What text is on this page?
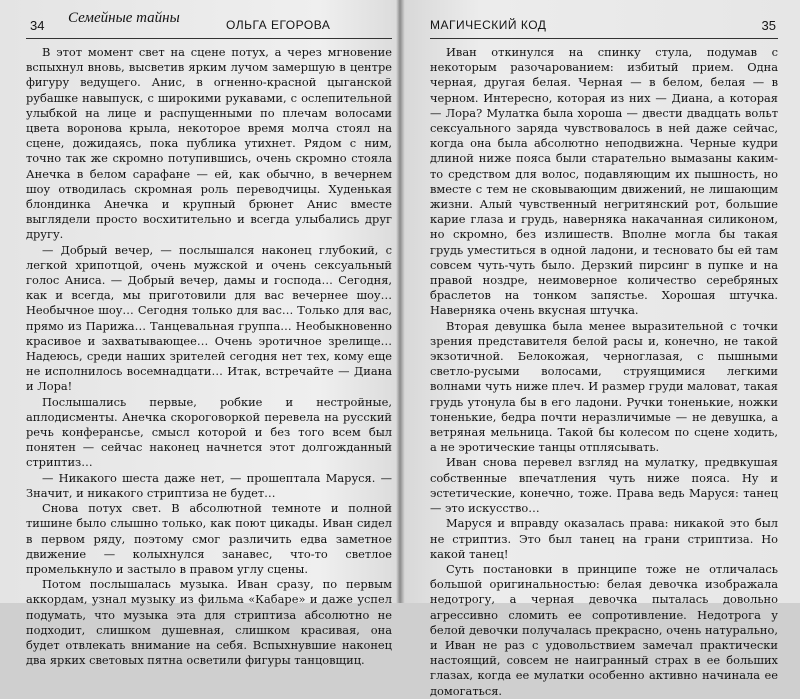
34 Семейные тайны	ОЛЬГА ЕГОРОВА

В этот момент свет на сцене потух, а через мгновение вспыхнул вновь, высветив ярким лучом замершую в центре фигуру ведущего. Анис, в огненно-красной цыганской рубашке навыпуск, с широкими рукавами, с ослепительной улыбкой на лице и распущенными по плечам волосами цвета воронова крыла, некоторое время молча стоял на сцене, дожидаясь, пока публика утихнет. Рядом с ним, точно так же скромно потупившись, очень скромно стояла Анечка в белом сарафане — ей, как обычно, в вечернем шоу отводилась скромная роль переводчицы. Худенькая блондинка Анечка и крупный брюнет Анис вместе выглядели просто восхитительно и всегда улыбались друг другу.

— Добрый вечер, — послышался наконец глубокий, с легкой хрипотцой, очень мужской и очень сексуальный голос Аниса. — Добрый вечер, дамы и господа… Сегодня, как и всегда, мы приготовили для вас вечернее шоу… Необычное шоу… Сегодня только для вас… Только для вас, прямо из Парижа… Танцевальная группа… Необыкновенно красивое и захватывающее… Очень эротичное зрелище… Надеюсь, среди наших зрителей сегодня нет тех, кому еще не исполнилось восемнадцати… Итак, встречайте — Диана и Лора!

Послышались первые, робкие и нестройные, аплодисменты. Анечка скороговоркой перевела на русский речь конферансье, смысл которой и без того всем был понятен — сейчас наконец начнется этот долгожданный стриптиз…

— Никакого шеста даже нет, — прошептала Маруся. — Значит, и никакого стриптиза не будет…

Снова потух свет. В абсолютной темноте и полной тишине было слышно только, как поют цикады. Иван сидел в первом ряду, поэтому смог различить едва заметное движение — колыхнулся занавес, что-то светлое промелькнуло и застыло в правом углу сцены.

Потом послышалась музыка. Иван сразу, по первым аккордам, узнал музыку из фильма «Кабаре» и даже успел подумать, что музыка эта для стриптиза абсолютно не подходит, слишком душевная, слишком красивая, она будет отвлекать внимание на себя. Вспыхнувшие наконец два ярких световых пятна осветили фигуры танцовщиц.

МАГИЧЕСКИЙ КОД	35

Иван откинулся на спинку стула, подумав с некоторым разочарованием: избитый прием. Одна черная, другая белая. Черная — в белом, белая — в черном. Интересно, которая из них — Диана, а которая — Лора? Мулатка была хороша — двести двадцать вольт сексуального заряда чувствовалось в ней даже сейчас, когда она была абсолютно неподвижна. Черные кудри длиной ниже пояса были старательно вымазаны каким-то средством для волос, подавляющим их пышность, но вместе с тем не сковывающим движений, не лишающим жизни. Алый чувственный негритянский рот, большие карие глаза и грудь, наверняка накачанная силиконом, но скромно, без излишеств. Вполне могла бы такая грудь уместиться в одной ладони, и тесновато бы ей там совсем чуть-чуть было. Дерзкий пирсинг в пупке и на правой ноздре, неимоверное количество серебряных браслетов на тонком запястье. Хорошая штучка. Наверняка очень вкусная штучка.

Вторая девушка была менее выразительной с точки зрения представителя белой расы и, конечно, не такой экзотичной. Белокожая, черноглазая, с пышными светло-русыми волосами, струящимися легкими волнами чуть ниже плеч. И размер груди маловат, такая грудь утонула бы в его ладони. Ручки тоненькие, ножки тоненькие, бедра почти неразличимые — не девушка, а ветряная мельница. Такой бы колесом по сцене ходить, а не эротические танцы отплясывать.

Иван снова перевел взгляд на мулатку, предвкушая собственные впечатления чуть ниже пояса. Ну и эстетические, конечно, тоже. Права ведь Маруся: танец — это искусство…

Маруся и вправду оказалась права: никакой это был не стриптиз. Это был танец на грани стриптиза. Но какой танец!

Суть постановки в принципе тоже не отличалась большой оригинальностью: белая девочка изображала недотрогу, а черная девочка пыталась довольно агрессивно сломить ее сопротивление. Недотрога у белой девочки получалась прекрасно, очень натурально, и Иван не раз с удовольствием замечал практически настоящий, совсем не наигранный страх в ее больших глазах, когда ее мулатки особенно активно начинала ее домогаться.
